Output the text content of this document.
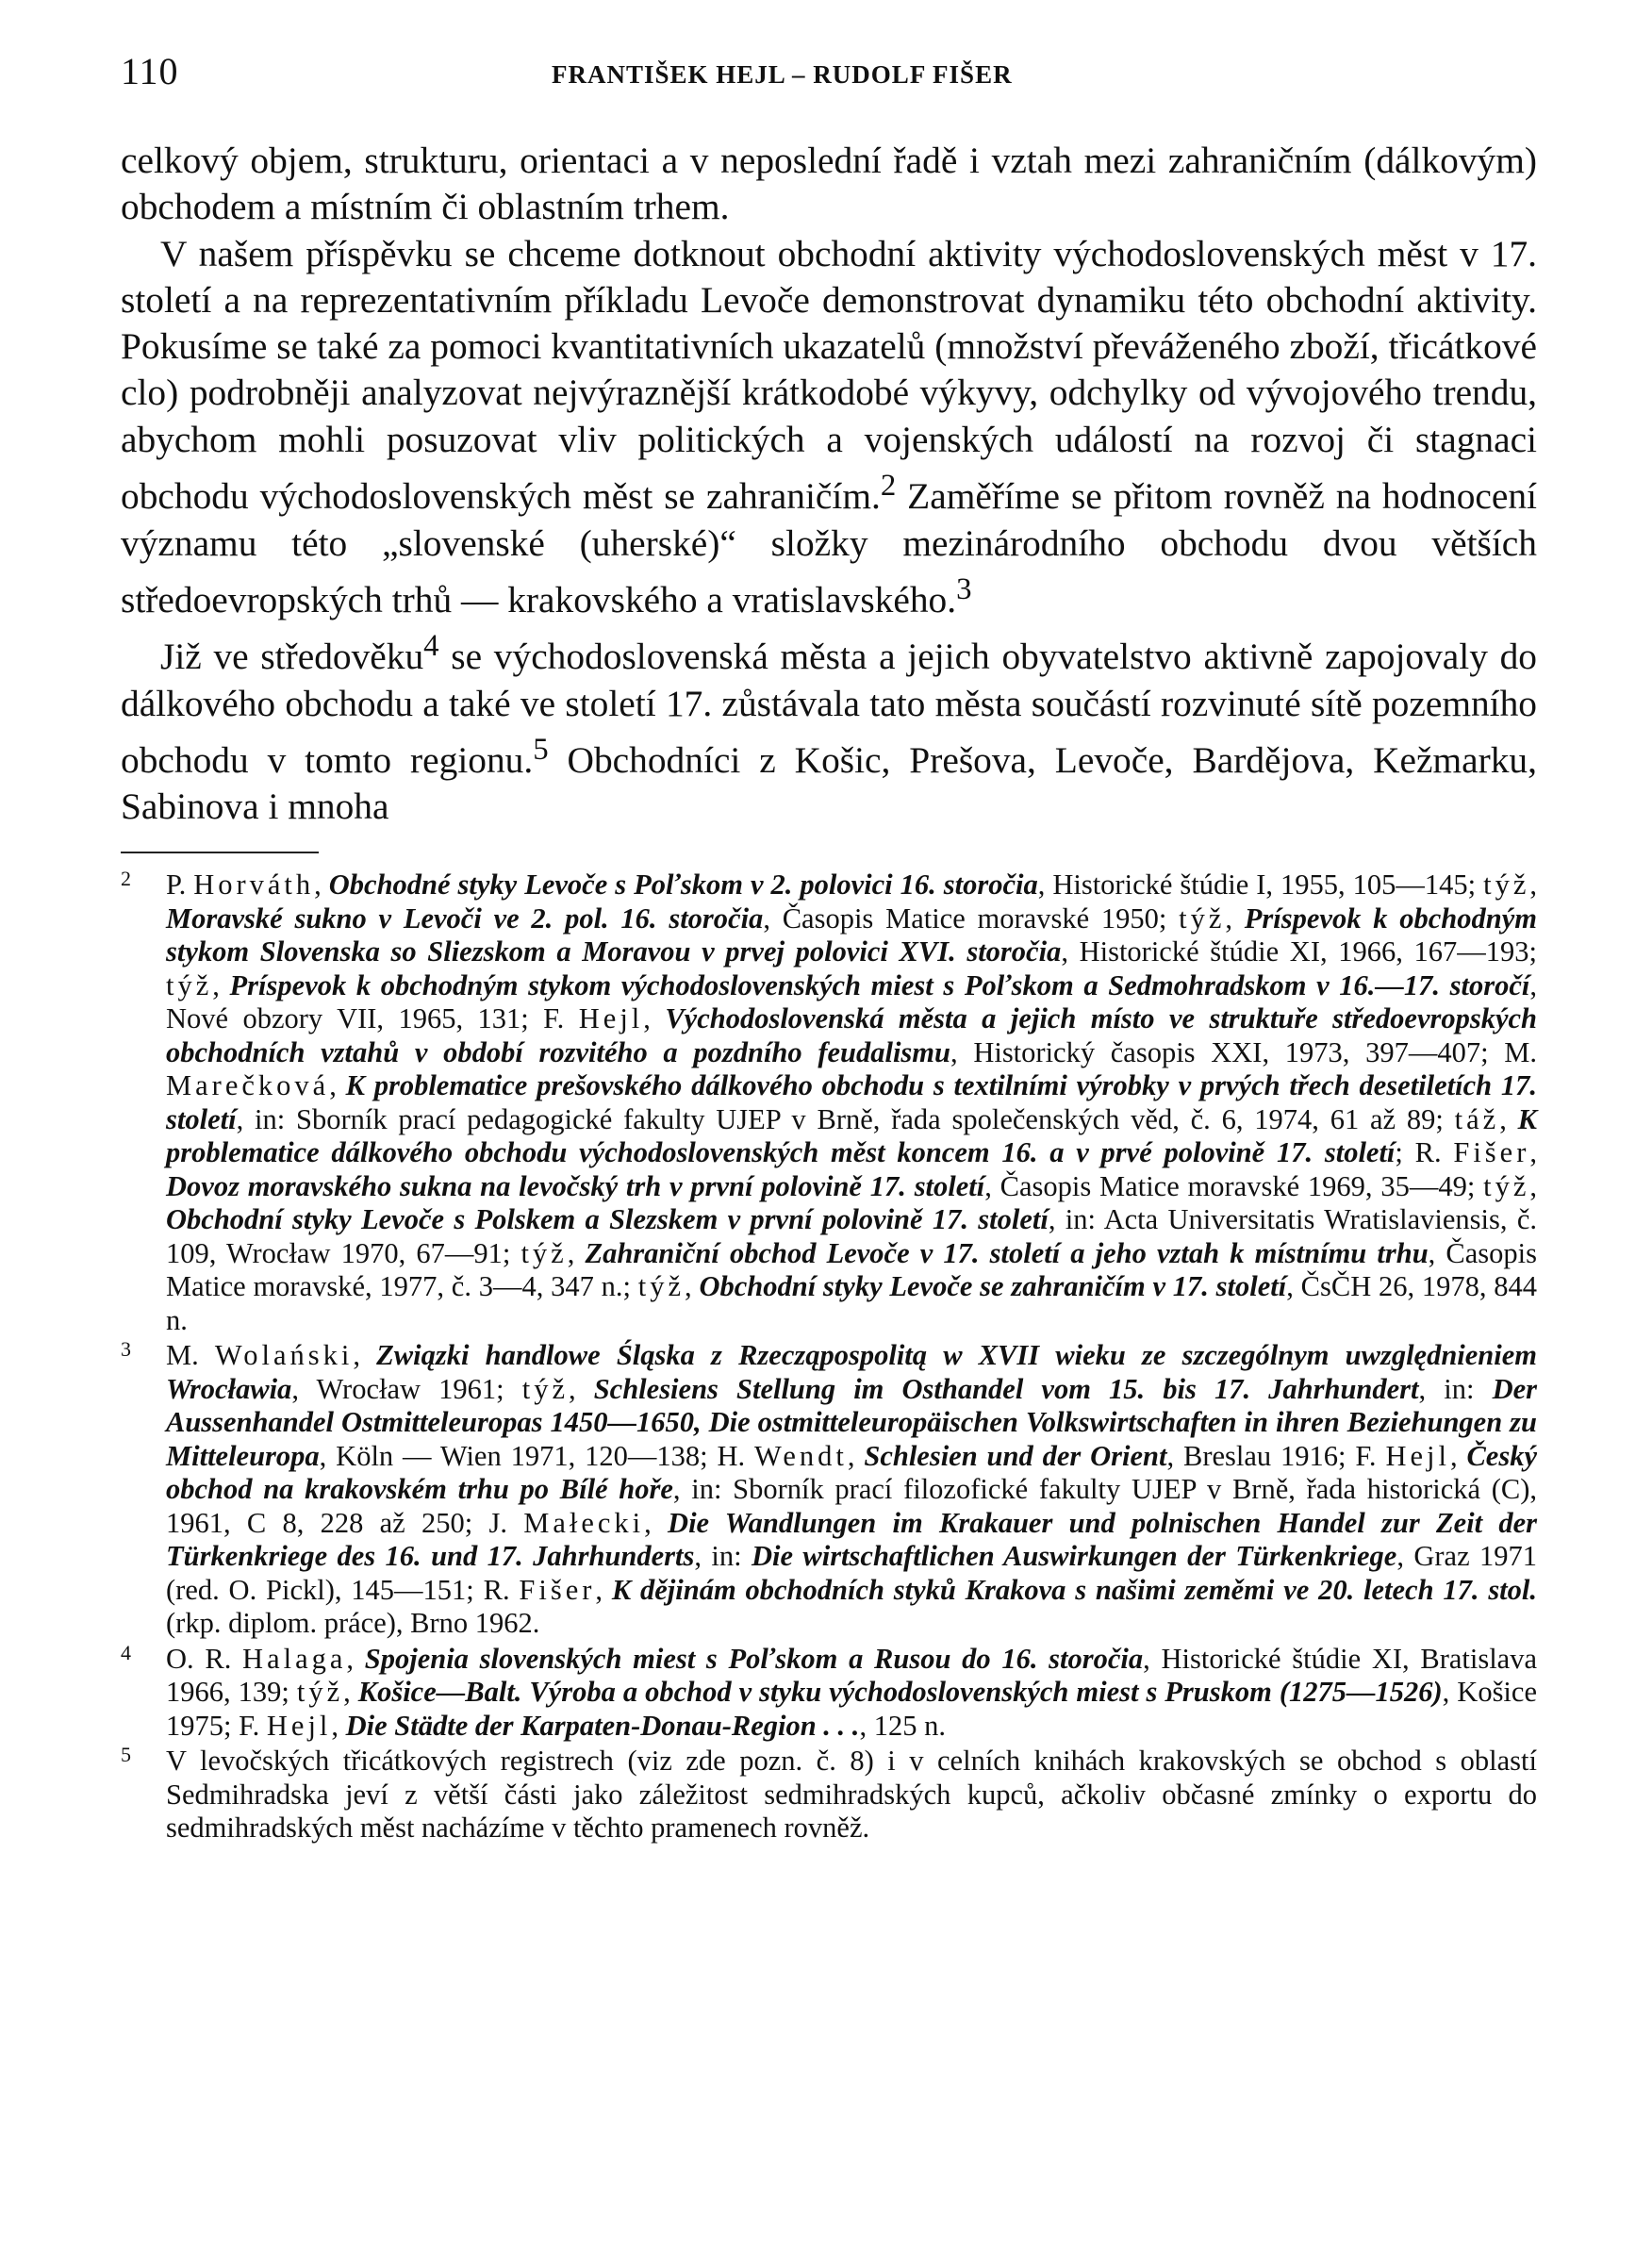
110	FRANTIŠEK HEJL – RUDOLF FIŠER

celkový objem, strukturu, orientaci a v neposlední řadě i vztah mezi zahraničním (dálkovým) obchodem a místním či oblastním trhem.

V našem příspěvku se chceme dotknout obchodní aktivity východoslovenských měst v 17. století a na reprezentativním příkladu Levoče demonstrovat dynamiku této obchodní aktivity. Pokusíme se také za pomoci kvantitativních ukazatelů (množství převáženého zboží, třicátkové clo) podrobněji analyzovat nejvýraznější krátkodobé výkyvy, odchylky od vývojového trendu, abychom mohli posuzovat vliv politických a vojenských událostí na rozvoj či stagnaci obchodu východoslovenských měst se zahraničím.$^2$ Zaměříme se přitom rovněž na hodnocení významu této „slovenské (uherské)“ složky mezinárodního obchodu dvou větších středoevropských trhů — krakovského a vratislavského.$^3$

Již ve středověku$^4$ se východoslovenská města a jejich obyvatelstvo aktivně zapojovaly do dálkového obchodu a také ve století 17. zůstávala tato města součástí rozvinuté sítě pozemního obchodu v tomto regionu.$^5$ Obchodníci z Košic, Prešova, Levoče, Bardějova, Kežmarku, Sabinova i mnoha

2 P. Horváth, Obchodné styky Levoče s Poľskom v 2. polovici 16. storočia, Historické štúdie I, 1955, 105—145; týž, Moravské sukno v Levoči ve 2. pol. 16. storočia, Časopis Matice moravské 1950; týž, Príspevok k obchodným stykom Slovenska so Sliezskom a Moravou v prvej polovici XVI. storočia, Historické štúdie XI, 1966, 167—193; týž, Príspevok k obchodným stykom východoslovenských miest s Poľskom a Sedmohradskom v 16.—17. storočí, Nové obzory VII, 1965, 131; F. Hejl, Východoslovenská města a jejich místo ve struktuře středoevropských obchodních vztahů v období rozvitého a pozdního feudalismu, Historický časopis XXI, 1973, 397—407; M. Marečková, K problematice prešovského dálkového obchodu s textilními výrobky v prvých třech desetiletích 17. století, in: Sborník prací pedagogické fakulty UJEP v Brně, řada společenských věd, č. 6, 1974, 61 až 89; táž, K problematice dálkového obchodu východoslovenských měst koncem 16. a v prvé polovině 17. století; R. Fišer, Dovoz moravského sukna na levočský trh v první polovině 17. století, Časopis Matice moravské 1969, 35—49; týž, Obchodní styky Levoče s Polskem a Slezskem v první polovině 17. století, in: Acta Universitatis Wratislaviensis, č. 109, Wrocław 1970, 67—91; týž, Zahraniční obchod Levoče v 17. století a jeho vztah k místnímu trhu, Časopis Matice moravské, 1977, č. 3—4, 347 n.; týž, Obchodní styky Levoče se zahraničím v 17. století, ČsČH 26, 1978, 844 n.
3 M. Wolański, Związki handlowe Śląska z Rzecząpospolitą w XVII wieku ze szczególnym uwzględnieniem Wrocławia, Wrocław 1961; týž, Schlesiens Stellung im Osthandel vom 15. bis 17. Jahrhundert, in: Der Aussenhandel Ostmitteleuropas 1450—1650, Die ostmitteleuropäischen Volkswirtschaften in ihren Beziehungen zu Mitteleuropa, Köln — Wien 1971, 120—138; H. Wendt, Schlesien und der Orient, Breslau 1916; F. Hejl, Český obchod na krakovském trhu po Bílé hoře, in: Sborník prací filozofické fakulty UJEP v Brně, řada historická (C), 1961, C 8, 228 až 250; J. Małecki, Die Wandlungen im Krakauer und polnischen Handel zur Zeit der Türkenkriege des 16. und 17. Jahrhunderts, in: Die wirtschaftlichen Auswirkungen der Türkenkriege, Graz 1971 (red. O. Pickl), 145—151; R. Fišer, K dějinám obchodních styků Krakova s našimi zeměmi ve 20. letech 17. stol. (rkp. diplom. práce), Brno 1962.
4 O. R. Halaga, Spojenia slovenských miest s Poľskom a Rusou do 16. storočia, Historické štúdie XI, Bratislava 1966, 139; týž, Košice—Balt. Výroba a obchod v styku východoslovenských miest s Pruskom (1275—1526), Košice 1975; F. Hejl, Die Städte der Karpaten-Donau-Region . . ., 125 n.
5 V levočských třicátkových registrech (viz zde pozn. č. 8) i v celních knihách krakovských se obchod s oblastí Sedmihradska jeví z větší části jako záležitost sedmihradských kupců, ačkoliv občasné zmínky o exportu do sedmihradských měst nacházíme v těchto pramenech rovněž.
